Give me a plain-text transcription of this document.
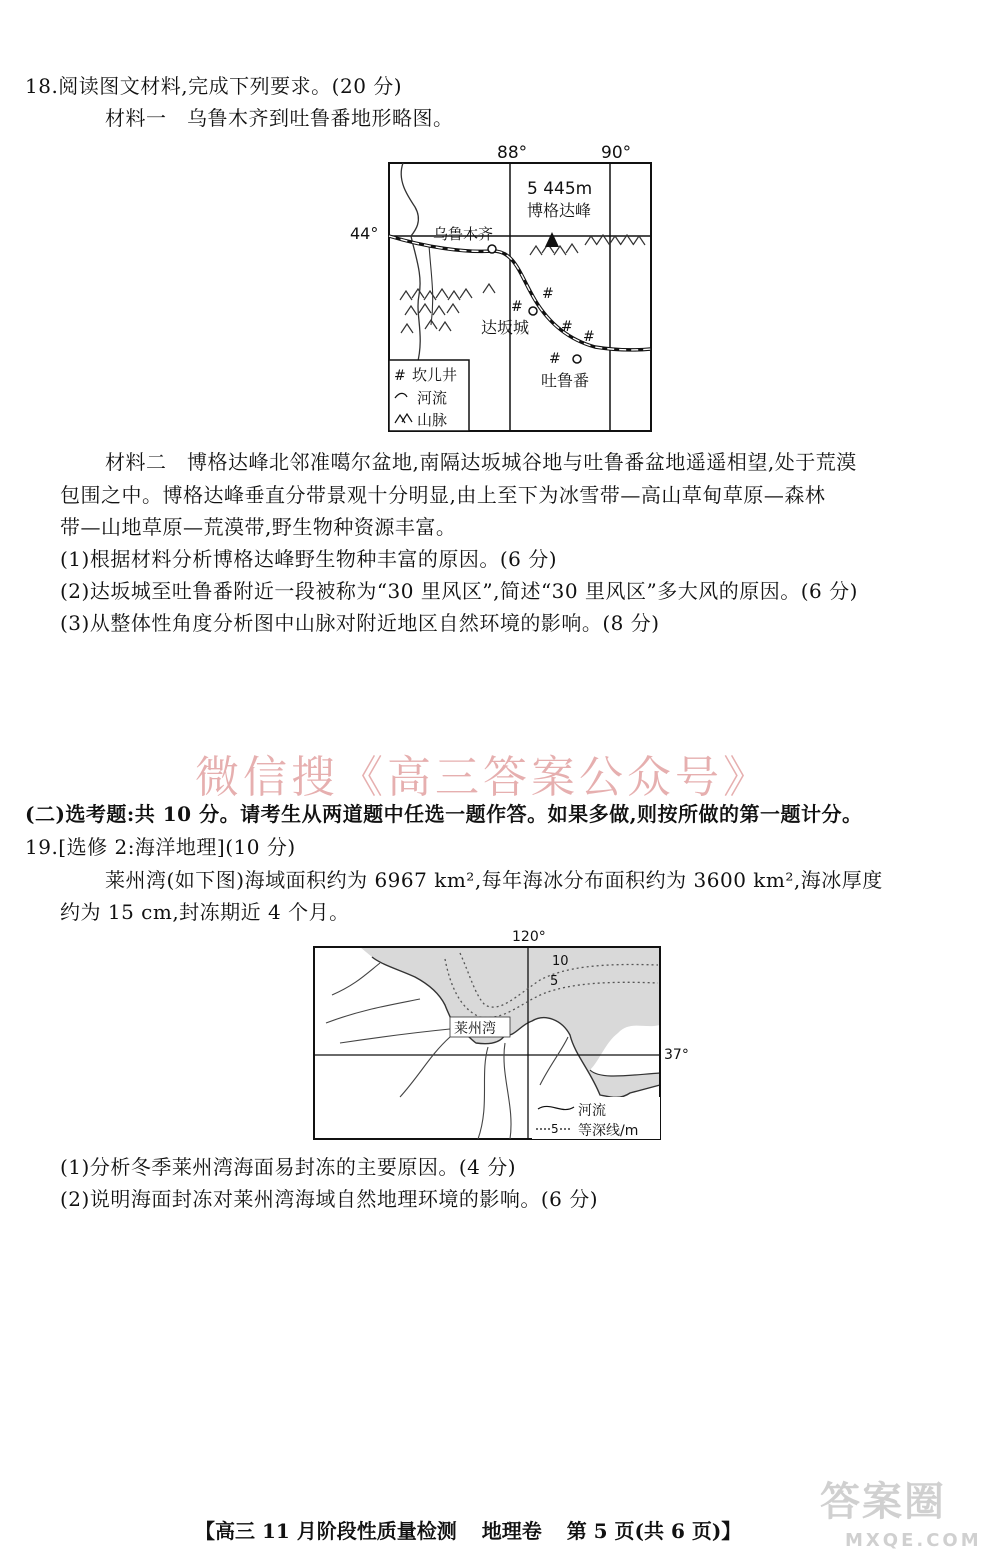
18.阅读图文材料,完成下列要求。(20 分)
材料一　乌鲁木齐到吐鲁番地形略图。
88°	90°
44°
5 445m
博格达峰
乌鲁木齐
达坂城
吐鲁番
#
#
#
#
#
# 坎儿井
河流
山脉
材料二　博格达峰北邻准噶尔盆地,南隔达坂城谷地与吐鲁番盆地遥遥相望,处于荒漠
包围之中。博格达峰垂直分带景观十分明显,由上至下为冰雪带—高山草甸草原—森林
带—山地草原—荒漠带,野生物种资源丰富。
(1)根据材料分析博格达峰野生物种丰富的原因。(6 分)
(2)达坂城至吐鲁番附近一段被称为“30 里风区”,简述“30 里风区”多大风的原因。(6 分)
(3)从整体性角度分析图中山脉对附近地区自然环境的影响。(8 分)
微信搜《高三答案公众号》
(二)选考题:共 10 分。请考生从两道题中任选一题作答。如果多做,则按所做的第一题计分。
19.[选修 2:海洋地理](10 分)
莱州湾(如下图)海域面积约为 6967 km²,每年海冰分布面积约为 3600 km²,海冰厚度
约为 15 cm,封冻期近 4 个月。
120°
37°
10
5
莱州湾
河流
5 等深线/m
(1)分析冬季莱州湾海面易封冻的主要原因。(4 分)
(2)说明海面封冻对莱州湾海域自然地理环境的影响。(6 分)
【高三 11 月阶段性质量检测 地理卷 第 5 页(共 6 页)】
答案圈
MXQE.COM
